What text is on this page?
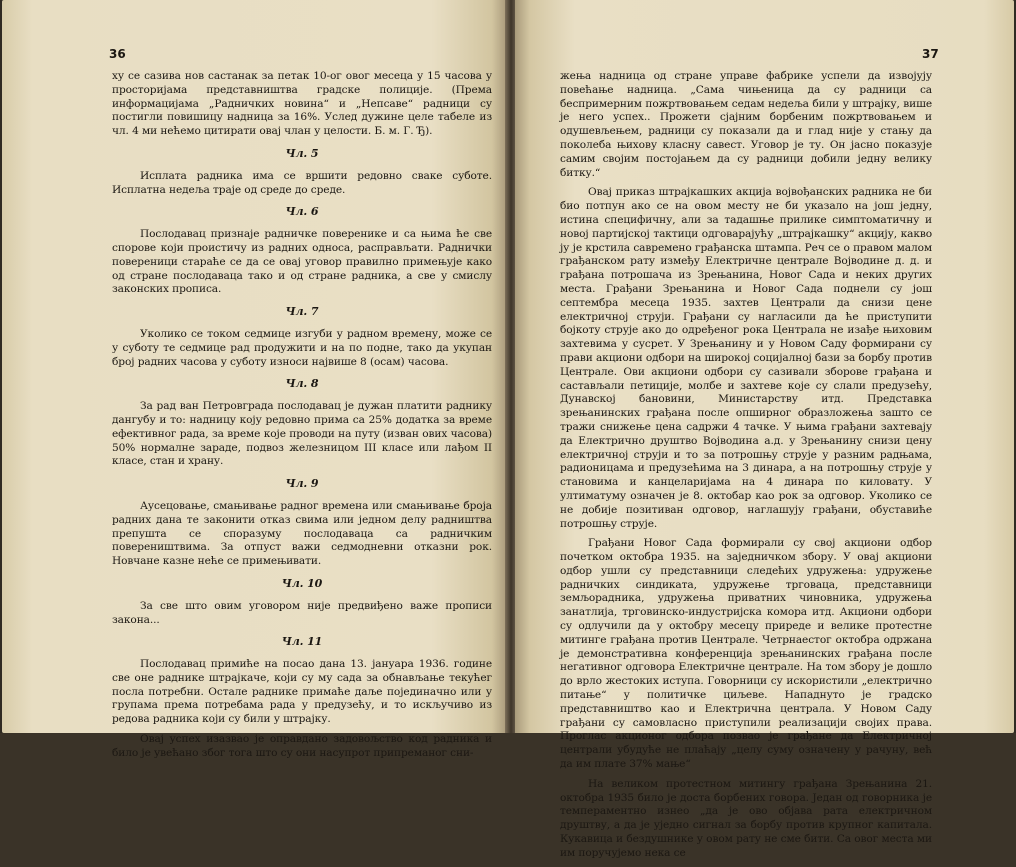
36

ху се сазива нов састанак за петак 10-ог овог месеца у 15 часова у просторијама представништва градске полиције. (Према информацијама „Радничких новина“ и „Непсаве“ радници су постигли повишицу надница за 16%. Услед дужине целе табеле из чл. 4 ми нећемо цитирати овај члан у целости. Б. м. Г. Ђ).

Чл. 5

Исплата радника има се вршити редовно сваке суботе. Исплатна недеља траје од среде до среде.

Чл. 6

Послодавац признаје радничке поверенике и са њима ће све спорове који проистичу из радних односа, расправљати. Раднички повереници стараће се да се овај уговор правилно примењује како од стране послодаваца тако и од стране радника, а све у смислу законских прописа.

Чл. 7

Уколико се током седмице изгуби у радном времену, може се у суботу те седмице рад продужити и на по подне, тако да укупан број радних часова у суботу износи највише 8 (осам) часова.

Чл. 8

За рад ван Петровграда послодавац је дужан платити раднику дангубу и то: надницу коју редовно прима са 25% додатка за време ефективног рада, за време које проводи на путу (изван ових часова) 50% нормалне зараде, подвоз железницом III класе или лађом II класе, стан и храну.

Чл. 9

Аусецовање, смањивање радног времена или смањивање броја радних дана те законити отказ свима или једном делу радништва препушта се споразуму послодаваца са радничким повереништвима. За отпуст важи седмодневни отказни рок. Новчане казне неће се примењивати.

Чл. 10

За све што овим уговором није предвиђено важе прописи закона...

Чл. 11

Послодавац примиће на посао дана 13. јануара 1936. године све оне раднике штрајкаче, који су му сада за обнављање текућег посла потребни. Остале раднике примаће даље појединачно или у групама према потребама рада у предузећу, и то искључиво из редова радника који су били у штрајку.

Овај успех изазвао је оправдано задовољство код радника и било је увећано због тога што су они насупрот припреманог сни-

37

жења надница од стране управе фабрике успели да извојују повећање надница. „Сама чињеница да су радници са беспримерним пожртвовањем седам недеља били у штрајку, више је него успех.. Прожети сјајним борбеним пожртвовањем и одушевљењем, радници су показали да и глад није у стању да поколеба њихову класну савест. Уговор је ту. Он јасно показује самим својим постојањем да су радници добили једну велику битку.“

Овај приказ штрајкашких акција војвођанских радника не би био потпун ако се на овом месту не би указало на још једну, истина специфичну, али за тадашње прилике симптоматичну и новој партијској тактици одговарајућу „штрајкашку“ акцију, какво ју је крстила савремено грађанска штампа. Реч се о правом малом грађанском рату између Електричне централе Војводине д. д. и грађана потрошача из Зрењанина, Новог Сада и неких других места. Грађани Зрењанина и Новог Сада поднели су још септембра месеца 1935. захтев Централи да снизи цене електричној струји. Грађани су нагласили да ће приступити бојкоту струје ако до одређеног рока Централа не изађе њиховим захтевима у сусрет. У Зрењанину и у Новом Саду формирани су прави акциони одбори на широкој социјалној бази за борбу против Централе. Ови акциони одбори су сазивали зборове грађана и састављали петиције, молбе и захтеве које су слали предузећу, Дунавској бановини, Министарству итд. Представка зрењанинских грађана после опширног образложења зашто се тражи снижење цена садржи 4 тачке. У њима грађани захтевају да Електрично друштво Војводина а.д. у Зрењанину снизи цену електричној струји и то за потрошњу струје у разним радњама, радионицама и предузећима на 3 динара, а на потрошњу струје у становима и канцеларијама на 4 динара по киловату. У ултиматуму означен је 8. октобар као рок за одговор. Уколико се не добије позитиван одговор, наглашују грађани, обуставиће потрошњу струје.

Грађани Новог Сада формирали су свој акциони одбор почетком октобра 1935. на заједничком збору. У овај акциони одбор ушли су представници следећих удружења: удружење радничких синдиката, удружење трговаца, представници земљорадника, удружења приватних чиновника, удружења занатлија, трговинско-индустријска комора итд. Акциони одбори су одлучили да у октобру месецу приреде и велике протестне митинге грађана против Централе. Четрнаестог октобра одржана је демонстративна конференција зрењанинских грађана после негативног одговора Електричне централе. На том збору је дошло до врло жестоких иступа. Говорници су искористили „електрично питање“ у политичке циљеве. Нападнуто је градско представништво као и Електрична централа. У Новом Саду грађани су самовласно приступили реализацији својих права. Проглас акционог одбора позвао је грађане да Електричној централи убудуће не плаћају „целу суму означену у рачуну, већ да им плате 37% мање“

На великом протестном митингу грађана Зрењанина 21. октобра 1935 било је доста борбених говора. Један од говорника је темпераментно изнео „да је ово објава рата електричном друштву, а да је уједно сигнал за борбу против крупног капитала. Кукавица и бездушнике у овом рату не сме бити. Са овог места ми им поручујемо нека се
